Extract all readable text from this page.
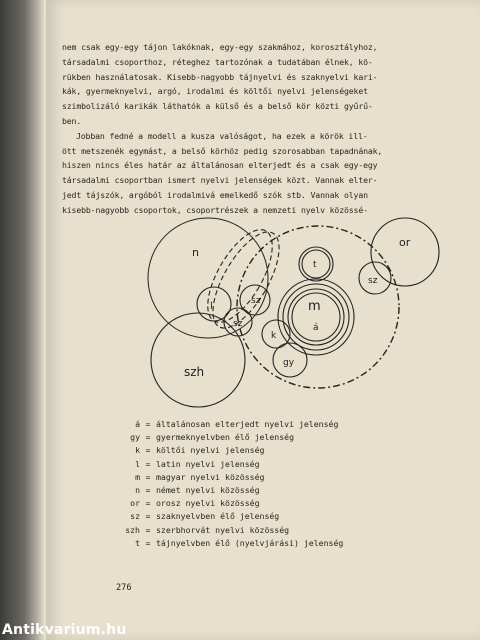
nem csak egy-egy tájon lakóknak, egy-egy szakmához, korosztályhoz,
társadalmi csoporthoz, réteghez tartozónak a tudatában élnek, kö-
rükben használatosak. Kisebb-nagyobb tájnyelvi és szaknyelvi kari-
kák, gyermeknyelvi, argó, irodalmi és költői nyelvi jelenségeket
szimbolizáló karikák láthatók a külső és a belső kör közti gyűrű-
ben.

Jobban fedné a modell a kusza valóságot, ha ezek a körök ill-
ött metszenék egymást, a belső körhöz pedig szorosabban tapadnának,
hiszen nincs éles határ az általánosan elterjedt és a csak egy-egy
társadalmi csoportban ismert nyelvi jelenségek közt. Vannak elter-
jedt tájszók, argóból irodalmivá emelkedő szók stb. Vannak olyan
kisebb-nagyobb csoportok, csoportrészek a nemzeti nyelv közössé-

n
or
t
sz
sz
sz
l	m
á
k
gy
szh
á = általánosan elterjedt nyelvi jelenség
gy = gyermeknyelvben élő jelenség
k = költői nyelvi jelenség
l = latin nyelvi jelenség
m = magyar nyelvi közösség
n = német nyelvi közösség
or = orosz nyelvi közösség
sz = szaknyelvben élő jelenség
szh = szerbhorvát nyelvi közösség
t = tájnyelvben élő (nyelvjárási) jelenség
276
Antikvarium.hu
